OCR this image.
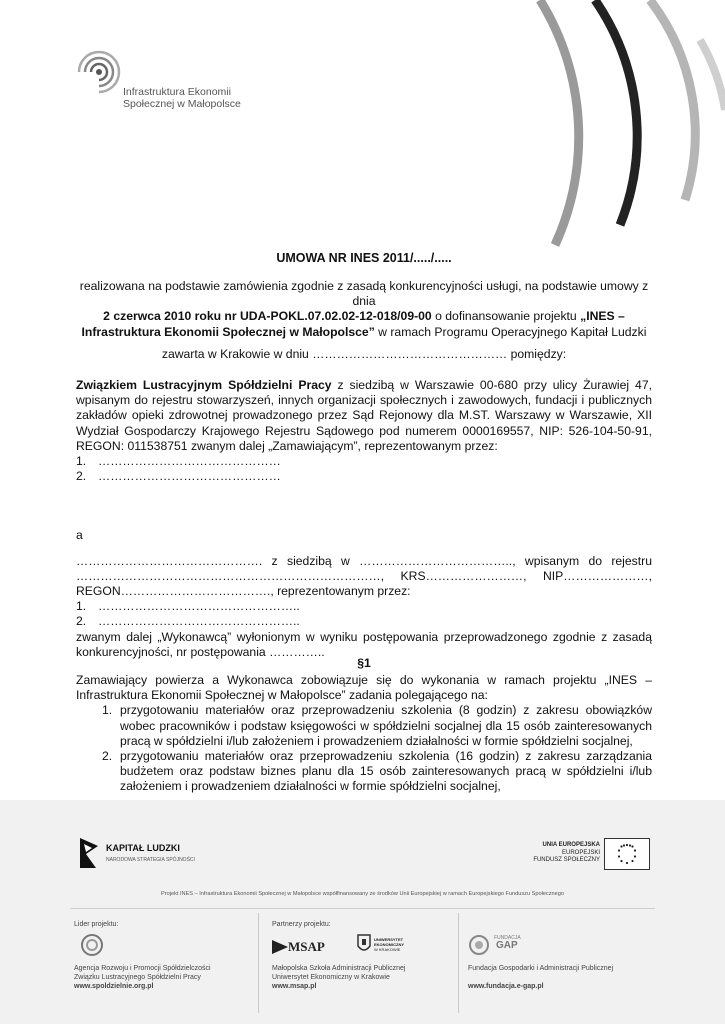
Infrastruktura Ekonomii
Społecznej w Małopolsce
UMOWA NR INES 2011/...../.....
realizowana na podstawie zamówienia zgodnie z zasadą konkurencyjności usługi, na podstawie umowy z dnia
2 czerwca 2010 roku nr UDA-POKL.07.02.02-12-018/09-00 o dofinansowanie projektu „INES –
Infrastruktura Ekonomii Społecznej w Małopolsce” w ramach Programu Operacyjnego Kapitał Ludzki
zawarta w Krakowie w dniu ………………………………………… pomiędzy:
Związkiem Lustracyjnym Spółdzielni Pracy z siedzibą w Warszawie 00-680 przy ulicy Żurawiej 47, wpisanym do rejestru stowarzyszeń, innych organizacji społecznych i zawodowych, fundacji i publicznych zakładów opieki zdrowotnej prowadzonego przez Sąd Rejonowy dla M.ST. Warszawy w Warszawie, XII Wydział Gospodarczy Krajowego Rejestru Sądowego pod numerem 0000169557, NIP: 526-104-50-91, REGON: 011538751 zwanym dalej „Zamawiającym”, reprezentowanym przez:
1. ………………………………………
2. ………………………………………
a
………………………………………. z siedzibą w ……………………………….., wpisanym do rejestru
…………………………………………………………………, KRS……………………, NIP…………………,
REGON………………………………., reprezentowanym przez:
1. …………………………………………..
2. …………………………………………..
zwanym dalej „Wykonawcą” wyłonionym w wyniku postępowania przeprowadzonego zgodnie z zasadą konkurencyjności, nr postępowania …………..
§1
Zamawiający powierza a Wykonawca zobowiązuje się do wykonania w ramach projektu „INES – Infrastruktura Ekonomii Społecznej w Małopolsce” zadania polegającego na:
1. przygotowaniu materiałów oraz przeprowadzeniu szkolenia (8 godzin) z zakresu obowiązków wobec pracowników i podstaw księgowości w spółdzielni socjalnej dla 15 osób zainteresowanych pracą w spółdzielni i/lub założeniem i prowadzeniem działalności w formie spółdzielni socjalnej,
2. przygotowaniu materiałów oraz przeprowadzeniu szkolenia (16 godzin) z zakresu zarządzania budżetem oraz podstaw biznes planu dla 15 osób zainteresowanych pracą w spółdzielni i/lub założeniem i prowadzeniem działalności w formie spółdzielni socjalnej,
KAPITAŁ LUDZKI
NARODOWA STRATEGIA SPÓJNOŚCI
UNIA EUROPEJSKA
EUROPEJSKI
FUNDUSZ SPOŁECZNY
Projekt INES – Infrastruktura Ekonomii Społecznej w Małopolsce współfinansowany ze środków Unii Europejskiej w ramach Europejskiego Funduszu Społecznego
Lider projektu:
Agencja Rozwoju i Promocji Spółdzielczości
Związku Lustracyjnego Spółdzielni Pracy
www.spoldzielnie.org.pl
Partnerzy projektu:
MSAP	UNIWERSYTET
EKONOMICZNY
W KRAKOWIE
Małopolska Szkoła Administracji Publicznej
Uniwersytet Ekonomiczny w Krakowie
www.msap.pl
FUNDACJA
GAP
Fundacja Gospodarki i Administracji Publicznej
www.fundacja.e-gap.pl
